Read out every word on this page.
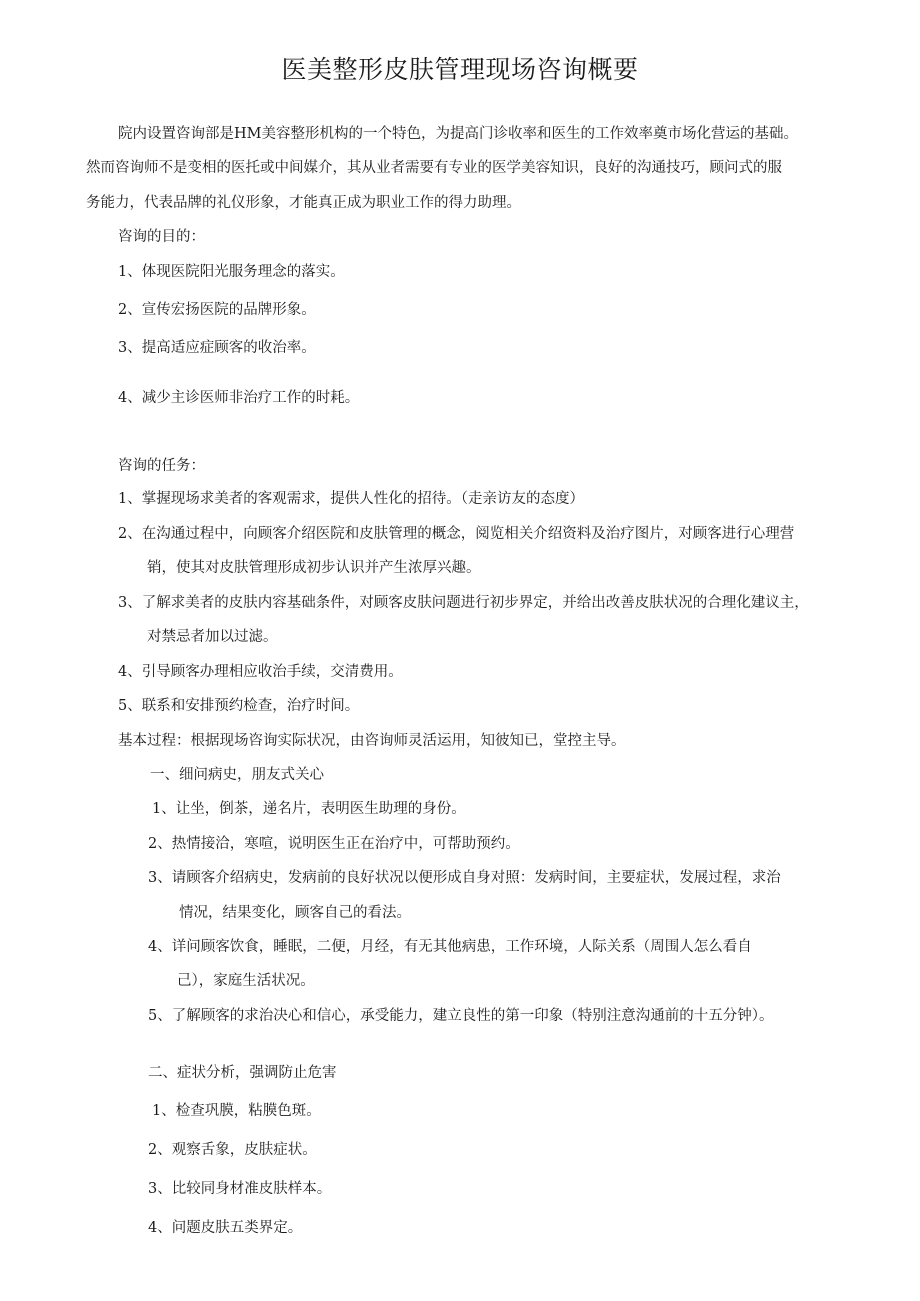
医美整形皮肤管理现场咨询概要
院内设置咨询部是HM美容整形机构的一个特色，为提高门诊收率和医生的工作效率奠市场化营运的基础。
然而咨询师不是变相的医托或中间媒介，其从业者需要有专业的医学美容知识，良好的沟通技巧，顾问式的服
务能力，代表品牌的礼仪形象，才能真正成为职业工作的得力助理。
咨询的目的：
1、体现医院阳光服务理念的落实。
2、宣传宏扬医院的品牌形象。
3、提高适应症顾客的收治率。
4、减少主诊医师非治疗工作的时耗。
咨询的任务：
1、掌握现场求美者的客观需求，提供人性化的招待。（走亲访友的态度）
2、在沟通过程中，向顾客介绍医院和皮肤管理的概念，阅览相关介绍资料及治疗图片，对顾客进行心理营
销，使其对皮肤管理形成初步认识并产生浓厚兴趣。
3、了解求美者的皮肤内容基础条件，对顾客皮肤问题进行初步界定，并给出改善皮肤状况的合理化建议主，
对禁忌者加以过滤。
4、引导顾客办理相应收治手续，交清费用。
5、联系和安排预约检查，治疗时间。
基本过程：根据现场咨询实际状况，由咨询师灵活运用，知彼知已，堂控主导。
一、细问病史，朋友式关心
1、让坐，倒茶，递名片，表明医生助理的身份。
2、热情接洽，寒喧，说明医生正在治疗中，可帮助预约。
3、请顾客介绍病史，发病前的良好状况以便形成自身对照：发病时间，主要症状，发展过程，求治
情况，结果变化，顾客自己的看法。
4、详问顾客饮食，睡眠，二便，月经，有无其他病患，工作环境，人际关系（周围人怎么看自
己），家庭生活状况。
5、了解顾客的求治决心和信心，承受能力，建立良性的第一印象（特别注意沟通前的十五分钟）。
二、症状分析，强调防止危害
1、检查巩膜，粘膜色斑。
2、观察舌象，皮肤症状。
3、比较同身材准皮肤样本。
4、问题皮肤五类界定。
